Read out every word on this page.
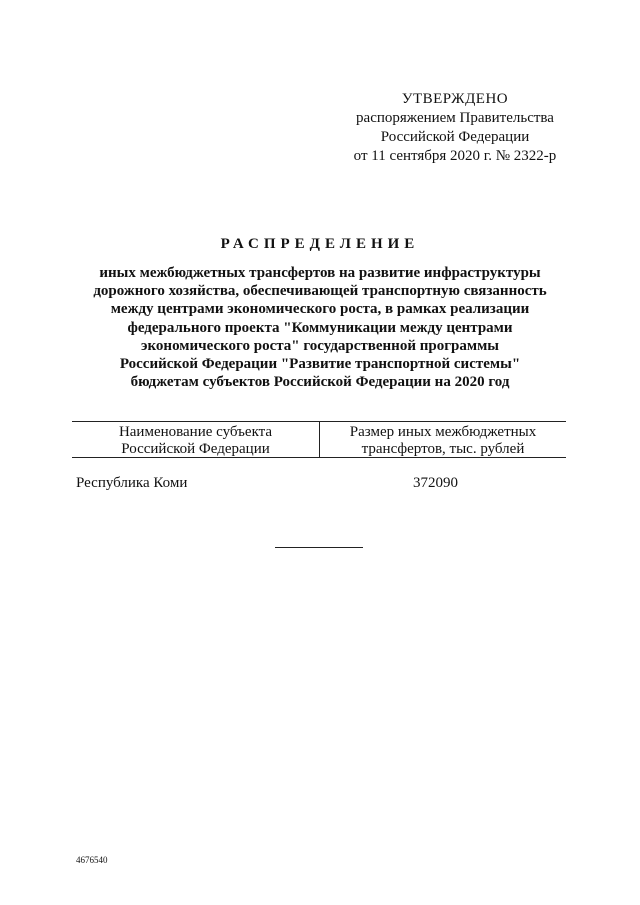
УТВЕРЖДЕНО
распоряжением Правительства
Российской Федерации
от 11 сентября 2020 г. № 2322-р
РАСПРЕДЕЛЕНИЕ
иных межбюджетных трансфертов на развитие инфраструктуры
дорожного хозяйства, обеспечивающей транспортную связанность
между центрами экономического роста, в рамках реализации
федерального проекта "Коммуникации между центрами
экономического роста" государственной программы
Российской Федерации "Развитие транспортной системы"
бюджетам субъектов Российской Федерации на 2020 год
Наименование субъекта
Российской Федерации
Размер иных межбюджетных
трансфертов, тыс. рублей
Республика Коми	372090
4676540
